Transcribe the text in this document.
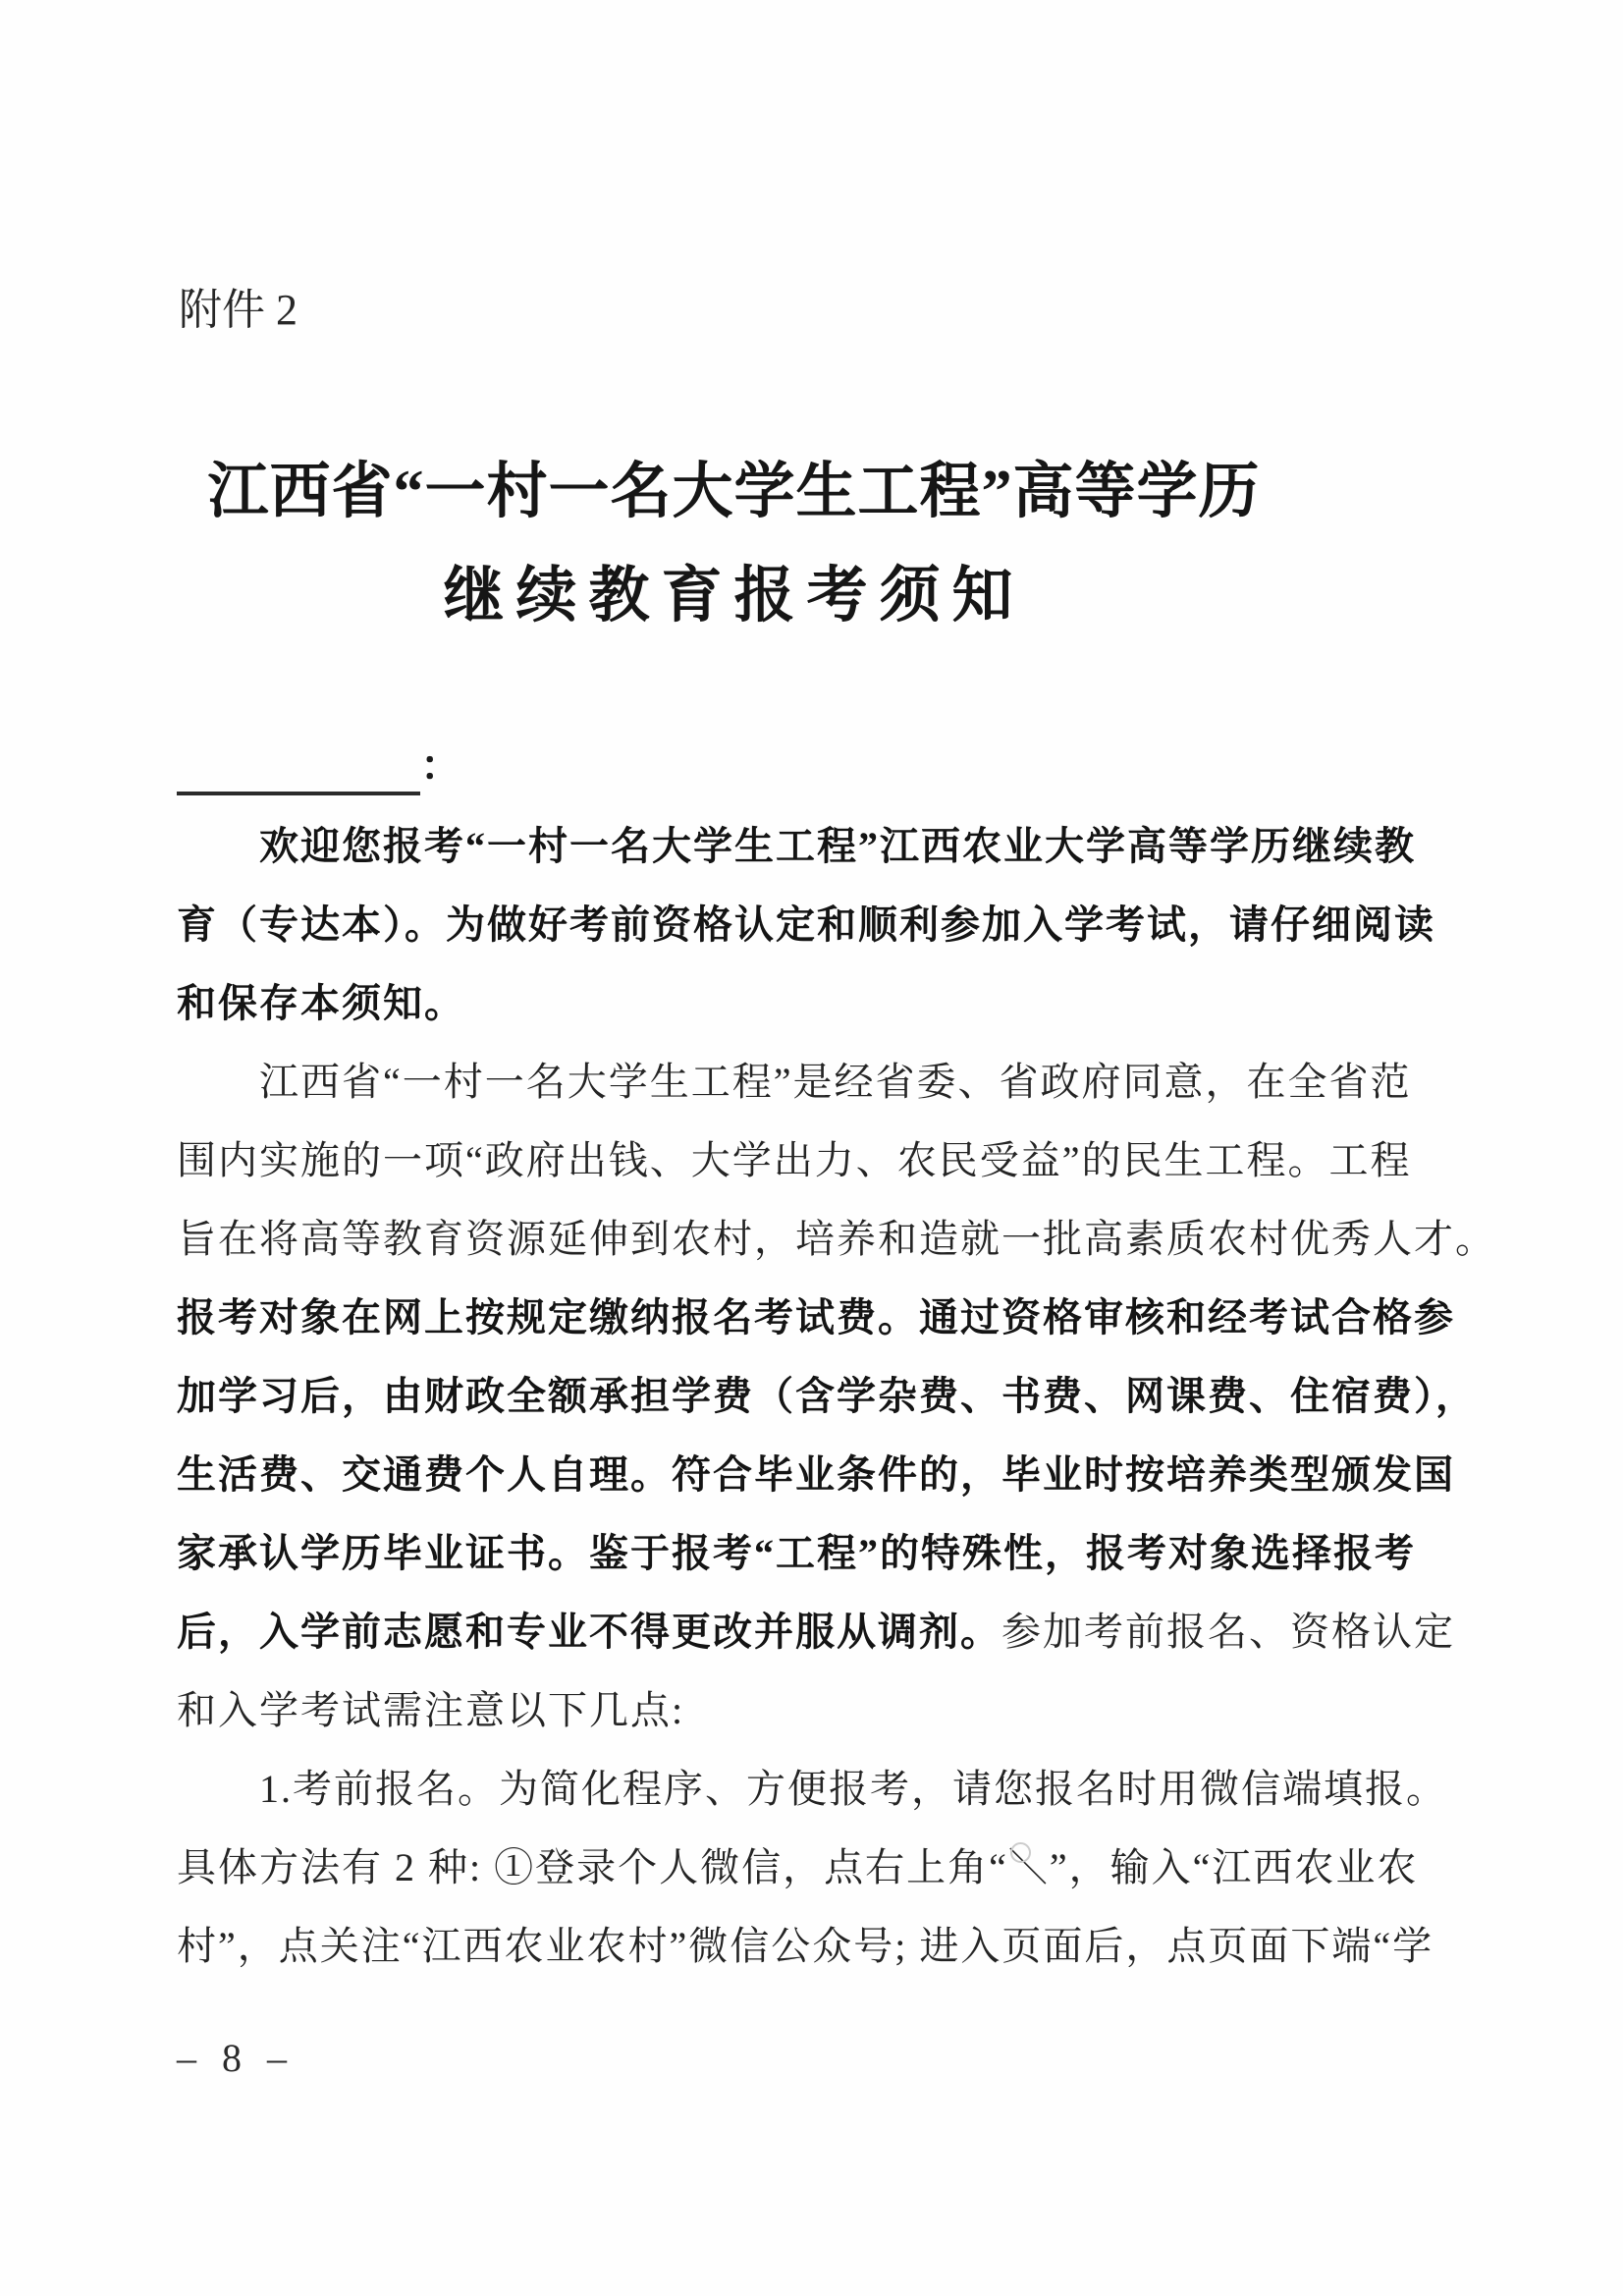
附件 2
江西省“一村一名大学生工程”高等学历
继续教育报考须知
：
欢迎您报考“一村一名大学生工程”江西农业大学高等学历继续教
育（专达本）。为做好考前资格认定和顺利参加入学考试，请仔细阅读
和保存本须知。
江西省“一村一名大学生工程”是经省委、省政府同意，在全省范
围内实施的一项“政府出钱、大学出力、农民受益”的民生工程。工程
旨在将高等教育资源延伸到农村，培养和造就一批高素质农村优秀人才。
报考对象在网上按规定缴纳报名考试费。通过资格审核和经考试合格参
加学习后，由财政全额承担学费（含学杂费、书费、网课费、住宿费），
生活费、交通费个人自理。符合毕业条件的，毕业时按培养类型颁发国
家承认学历毕业证书。鉴于报考“工程”的特殊性，报考对象选择报考
后，入学前志愿和专业不得更改并服从调剂。参加考前报名、资格认定
和入学考试需注意以下几点:
1.考前报名。为简化程序、方便报考，请您报名时用微信端填报。
具体方法有 2 种: ①登录个人微信，点右上角“＼”，输入“江西农业农
村”，点关注“江西农业农村”微信公众号; 进入页面后，点页面下端“学
– 8 –
